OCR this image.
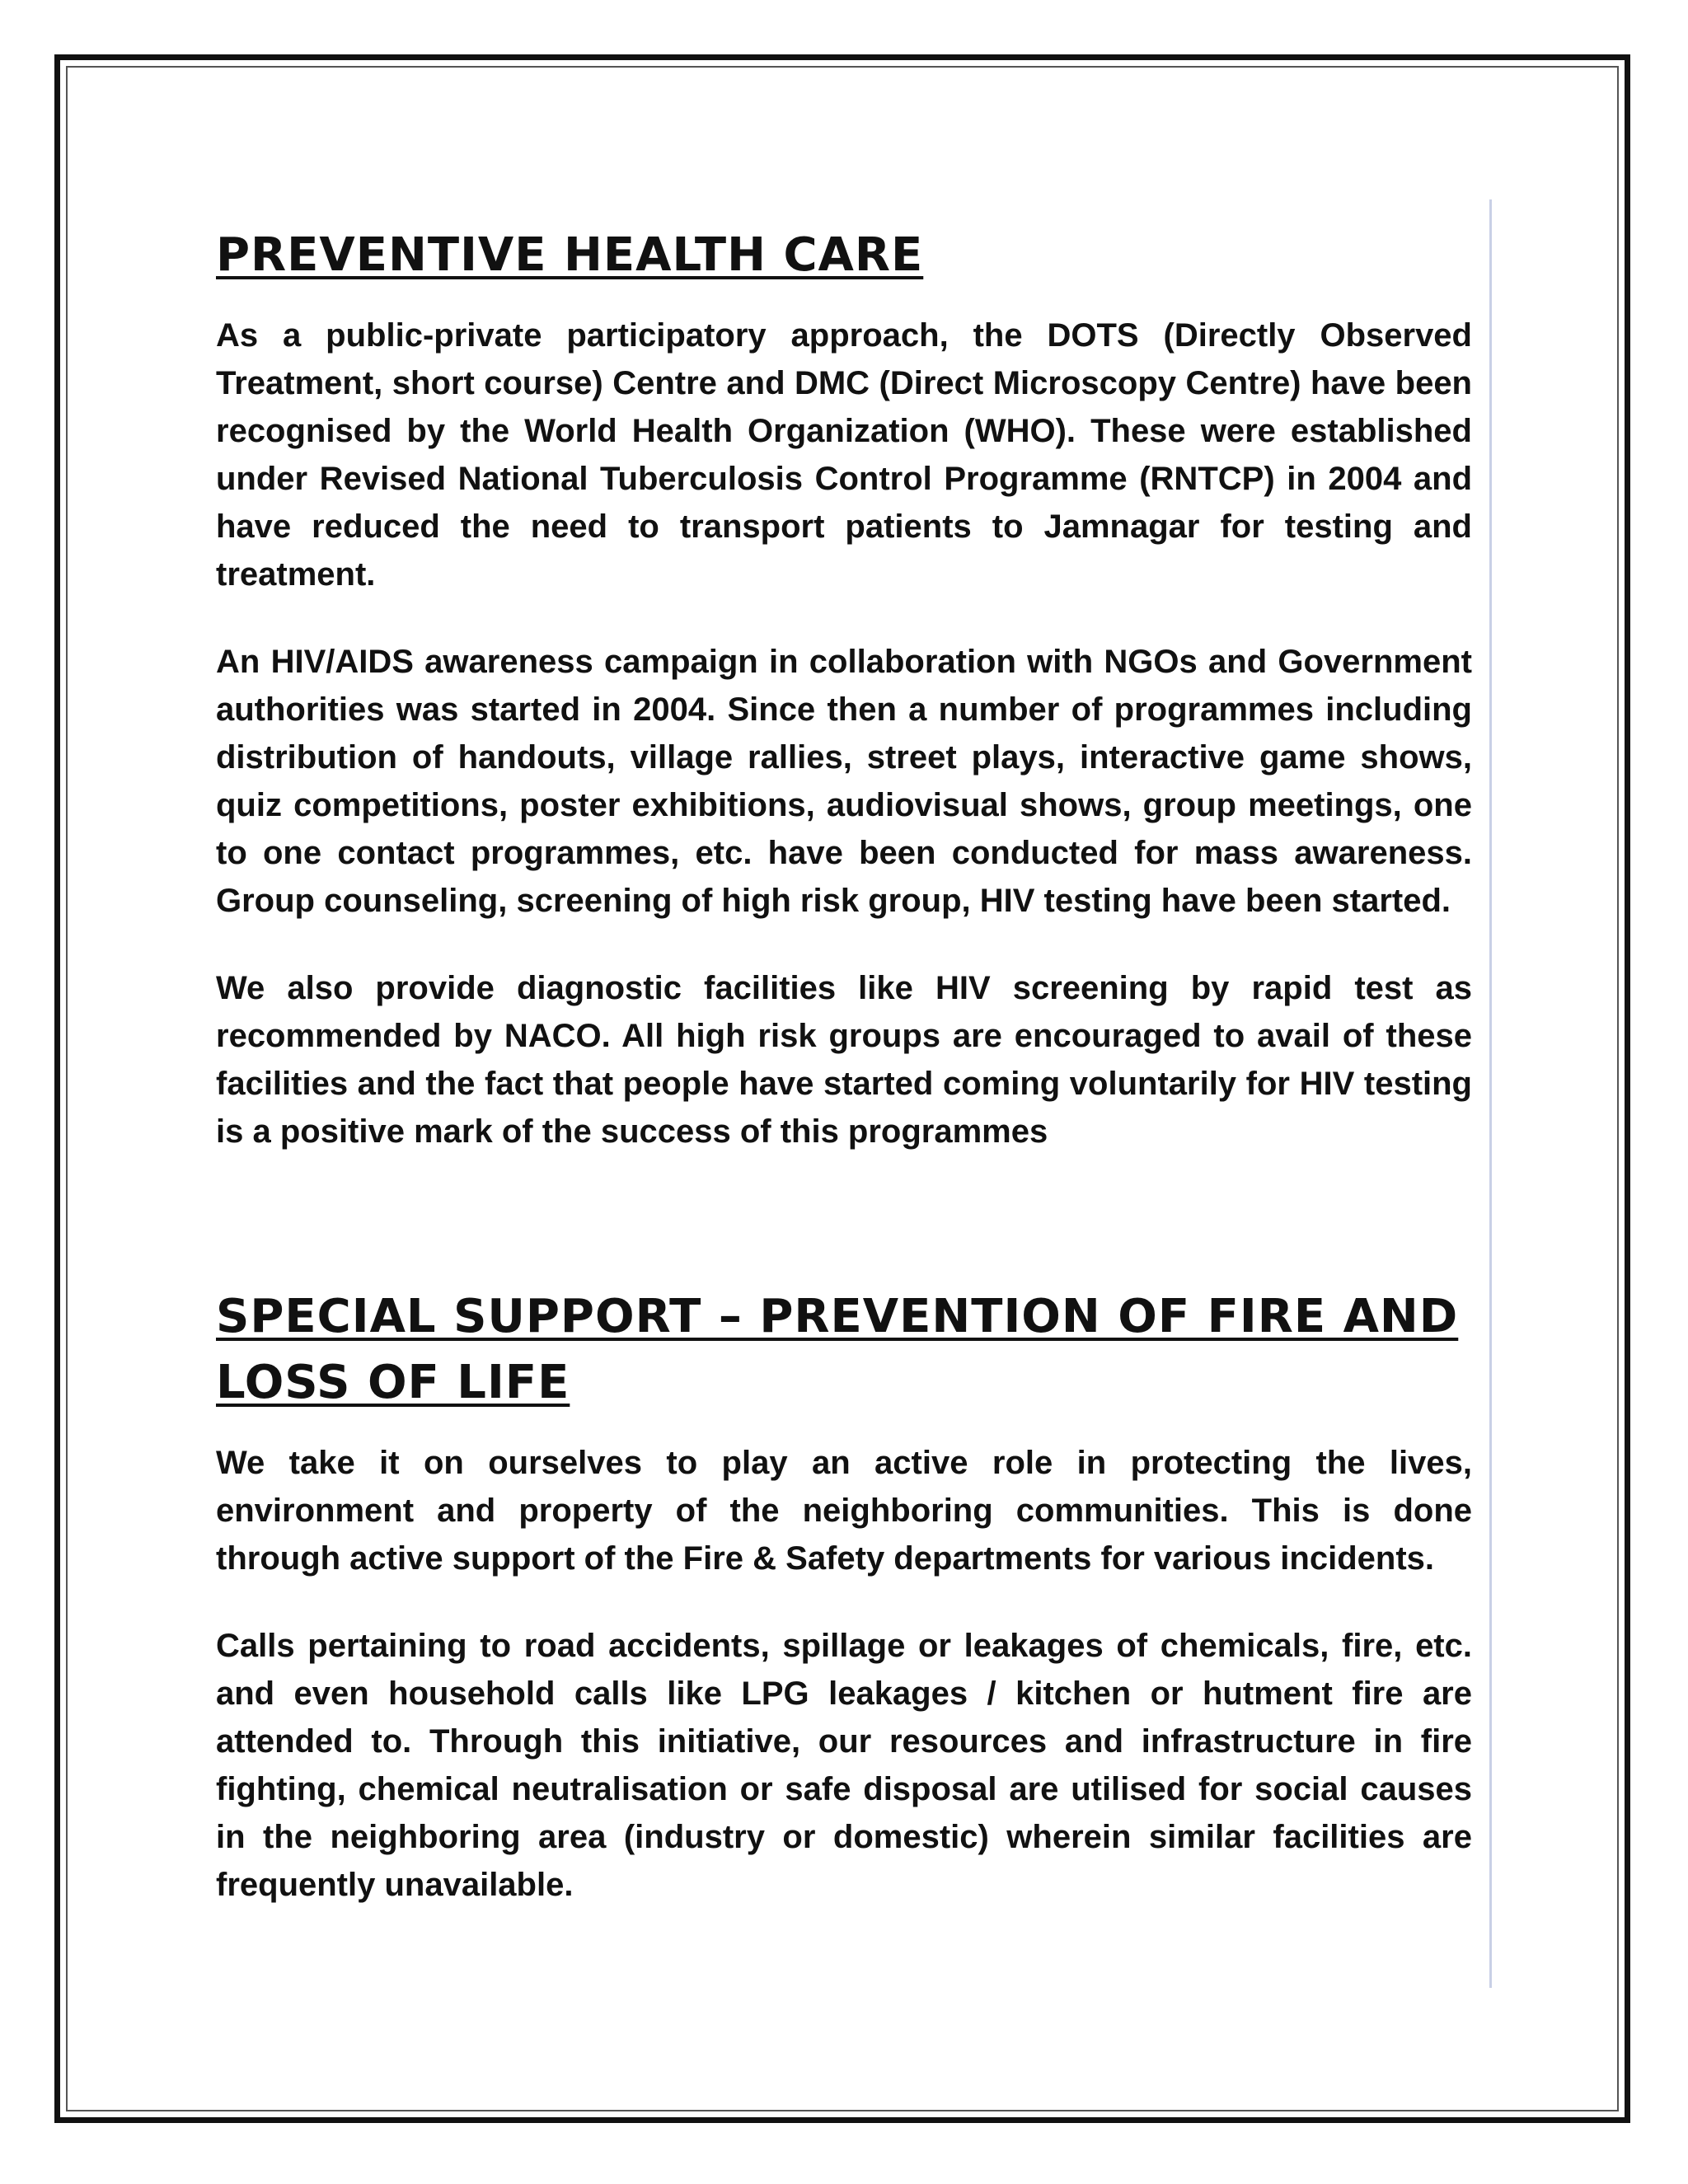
PREVENTIVE HEALTH CARE

As a public-private participatory approach, the DOTS (Directly Observed Treatment, short course) Centre and DMC (Direct Microscopy Centre) have been recognised by the World Health Organization (WHO). These were established under Revised National Tuberculosis Control Programme (RNTCP) in 2004 and have reduced the need to transport patients to Jamnagar for testing and treatment.

An HIV/AIDS awareness campaign in collaboration with NGOs and Government authorities was started in 2004. Since then a number of programmes including distribution of handouts, village rallies, street plays, interactive game shows, quiz competitions, poster exhibitions, audiovisual shows, group meetings, one to one contact programmes, etc. have been conducted for mass awareness. Group counseling, screening of high risk group, HIV testing have been started.

We also provide diagnostic facilities like HIV screening by rapid test as recommended by NACO. All high risk groups are encouraged to avail of these facilities and the fact that people have started coming voluntarily for HIV testing is a positive mark of the success of this programmes

SPECIAL SUPPORT – PREVENTION OF FIRE AND LOSS OF LIFE

We take it on ourselves to play an active role in protecting the lives, environment and property of the neighboring communities. This is done through active support of the Fire & Safety departments for various incidents.

Calls pertaining to road accidents, spillage or leakages of chemicals, fire, etc. and even household calls like LPG leakages / kitchen or hutment fire are attended to. Through this initiative, our resources and infrastructure in fire fighting, chemical neutralisation or safe disposal are utilised for social causes in the neighboring area (industry or domestic) wherein similar facilities are frequently unavailable.
